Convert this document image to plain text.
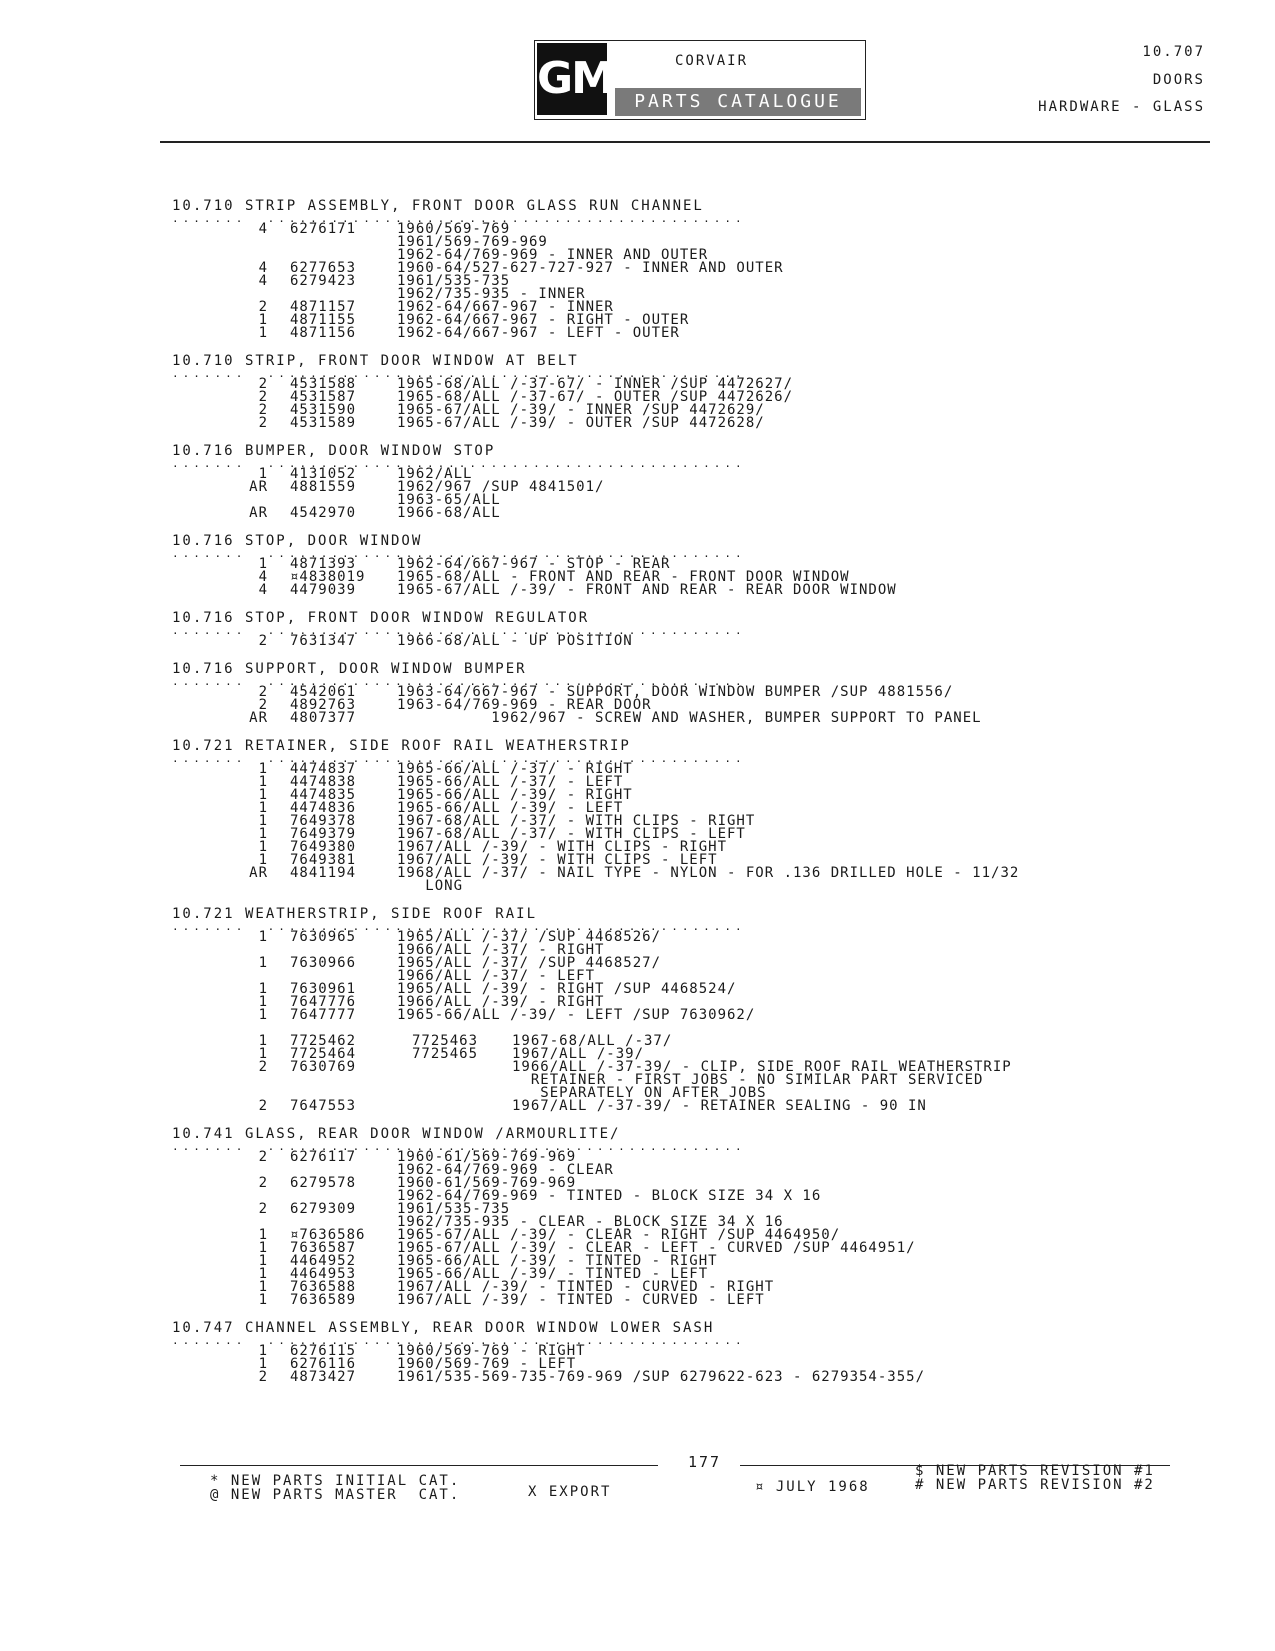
GM	CORVAIR
PARTS CATALOGUE
10.707
DOORS
HARDWARE - GLASS
10.710 STRIP ASSEMBLY, FRONT DOOR GLASS RUN CHANNEL
.......  .............................................
4 6276171	1960/569-769
1961/569-769-969
1962-64/769-969 - INNER AND OUTER
4 6277653	1960-64/527-627-727-927 - INNER AND OUTER
4 6279423	1961/535-735
1962/735-935 - INNER
2 4871157	1962-64/667-967 - INNER
1 4871155	1962-64/667-967 - RIGHT - OUTER
1 4871156	1962-64/667-967 - LEFT - OUTER
10.710 STRIP, FRONT DOOR WINDOW AT BELT
.......  .............................................
2 4531588	1965-68/ALL /-37-67/ - INNER /SUP 4472627/
2 4531587	1965-68/ALL /-37-67/ - OUTER /SUP 4472626/
2 4531590	1965-67/ALL /-39/ - INNER /SUP 4472629/
2 4531589	1965-67/ALL /-39/ - OUTER /SUP 4472628/
10.716 BUMPER, DOOR WINDOW STOP
.......  .............................................
1 4131052	1962/ALL
AR 4881559	1962/967 /SUP 4841501/
1963-65/ALL
AR 4542970	1966-68/ALL
10.716 STOP, DOOR WINDOW
.......  .............................................
1 4871393	1962-64/667-967 - STOP - REAR
4 ¤4838019 1965-68/ALL - FRONT AND REAR - FRONT DOOR WINDOW
4 4479039	1965-67/ALL /-39/ - FRONT AND REAR - REAR DOOR WINDOW
10.716 STOP, FRONT DOOR WINDOW REGULATOR
.......  .............................................
2 7631347	1966-68/ALL - UP POSITION
10.716 SUPPORT, DOOR WINDOW BUMPER
.......  .............................................
2 4542061	1963-64/667-967 - SUPPORT, DOOR WINDOW BUMPER /SUP 4881556/
2 4892763	1963-64/769-969 - REAR DOOR
AR 4807377	1962/967 - SCREW AND WASHER, BUMPER SUPPORT TO PANEL
10.721 RETAINER, SIDE ROOF RAIL WEATHERSTRIP
.......  .............................................
1 4474837	1965-66/ALL /-37/ - RIGHT
1 4474838	1965-66/ALL /-37/ - LEFT
1 4474835	1965-66/ALL /-39/ - RIGHT
1 4474836	1965-66/ALL /-39/ - LEFT
1 7649378	1967-68/ALL /-37/ - WITH CLIPS - RIGHT
1 7649379	1967-68/ALL /-37/ - WITH CLIPS - LEFT
1 7649380	1967/ALL /-39/ - WITH CLIPS - RIGHT
1 7649381	1967/ALL /-39/ - WITH CLIPS - LEFT
AR 4841194	1968/ALL /-37/ - NAIL TYPE - NYLON - FOR .136 DRILLED HOLE - 11/32
LONG
10.721 WEATHERSTRIP, SIDE ROOF RAIL
.......  .............................................
1 7630965	1965/ALL /-37/ /SUP 4468526/
1966/ALL /-37/ - RIGHT
1 7630966	1965/ALL /-37/ /SUP 4468527/
1966/ALL /-37/ - LEFT
1 7630961	1965/ALL /-39/ - RIGHT /SUP 4468524/
1 7647776	1966/ALL /-39/ - RIGHT
1 7647777	1965-66/ALL /-39/ - LEFT /SUP 7630962/
1 7725462	7725463 1967-68/ALL /-37/
1 7725464	7725465 1967/ALL /-39/
2 7630769	1966/ALL /-37-39/ - CLIP, SIDE ROOF RAIL WEATHERSTRIP
RETAINER - FIRST JOBS - NO SIMILAR PART SERVICED
SEPARATELY ON AFTER JOBS
2 7647553	1967/ALL /-37-39/ - RETAINER SEALING - 90 IN
10.741 GLASS, REAR DOOR WINDOW /ARMOURLITE/
.......  .............................................
2 6276117	1960-61/569-769-969
1962-64/769-969 - CLEAR
2 6279578	1960-61/569-769-969
1962-64/769-969 - TINTED - BLOCK SIZE 34 X 16
2 6279309	1961/535-735
1962/735-935 - CLEAR - BLOCK SIZE 34 X 16
1 ¤7636586 1965-67/ALL /-39/ - CLEAR - RIGHT /SUP 4464950/
1 7636587	1965-67/ALL /-39/ - CLEAR - LEFT - CURVED /SUP 4464951/
1 4464952	1965-66/ALL /-39/ - TINTED - RIGHT
1 4464953	1965-66/ALL /-39/ - TINTED - LEFT
1 7636588	1967/ALL /-39/ - TINTED - CURVED - RIGHT
1 7636589	1967/ALL /-39/ - TINTED - CURVED - LEFT
10.747 CHANNEL ASSEMBLY, REAR DOOR WINDOW LOWER SASH
.......  .............................................
1 6276115	1960/569-769 - RIGHT
1 6276116	1960/569-769 - LEFT
2 4873427	1961/535-569-735-769-969 /SUP 6279622-623 - 6279354-355/
177
* NEW PARTS INITIAL CAT.
@ NEW PARTS MASTER  CAT.	X EXPORT	¤ JULY 1968
$ NEW PARTS REVISION #1
# NEW PARTS REVISION #2
